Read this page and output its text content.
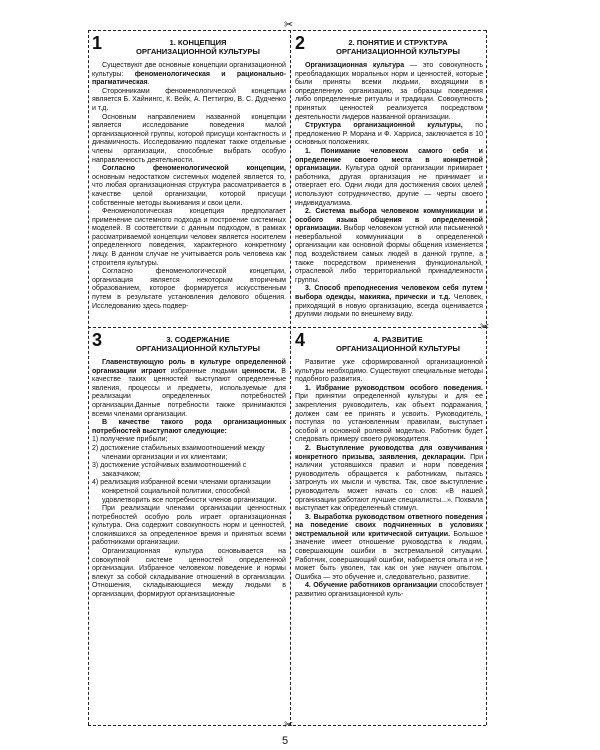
✂
✂
✂
1	1. КОНЦЕПЦИЯ
ОРГАНИЗАЦИОННОЙ КУЛЬТУРЫ

Существуют две основные концепции организационной культуры: феноменологическая и рационально-прагматическая.

Сторонниками феноменологической концепции является Б. Хайнингс, К. Вейк, А. Петтигрю, В. С. Дудченко и т.д.

Основным направлением названной концепции является исследование поведения малой организационной группы, которой присущи контактность и динамичность. Исследованию подлежат также отдельные члены организации, способные выбрать особую направленность деятельности.

Согласно феноменологической концепции, основным недостатком системных моделей является то, что любая организационная структура рассматривается в качестве целой организации, которой присущи собственные методы выживания и свои цели.

Феноменологическая концепция предполагает применение системного подхода и построение системных моделей. В соответствии с данным подходом, в рамках рассматриваемой концепции человек является носителем определенного поведения, характерного конкретному лицу. В данном случае не учитывается роль человека как строителя культуры.

Согласно феноменологической концепции, организация является некоторым вторичным образованием, которое формируется искусственным путем в результате установления делового общения. Исследованию здесь подвер-

2	2. ПОНЯТИЕ И СТРУКТУРА
ОРГАНИЗАЦИОННОЙ КУЛЬТУРЫ

Организационная культура — это совокупность преобладающих моральных норм и ценностей, которые были приняты всеми людьми, входящими в определенную организацию, за образцы поведения либо определенные ритуалы и традиции. Совокупность принятых ценностей реализуется посредством деятельности лидеров названной организации.

Структура организационной культуры, по предложению Р. Морана и Ф. Харриса, заключается в 10 основных положениях.

1. Понимание человеком самого себя и определение своего места в конкретной организации. Культура одной организации примирает работника, другая организация не принимает и отвергает его. Одни люди для достижения своих целей используют сотрудничество, другие — черты своего индивидуализма.

2. Система выбора человеком коммуникации и особого языка общения в определенной организации. Выбор человеком устной или письменной невербальной коммуникации в определенной организации как основной формы общения изменяется под воздействием самых людей в данной группе, а также посредством применения функциональной, отраслевой либо территориальной принадлежности группы.

3. Способ преподнесения человеком себя путем выбора одежды, макияжа, прически и т.д. Человек, приходящий в новую организацию, всегда оценивается другими людьми по внешнему виду.

3	3. СОДЕРЖАНИЕ
ОРГАНИЗАЦИОННОЙ КУЛЬТУРЫ

Главенствующую роль в культуре определенной организации играют избранные людьми ценности. В качестве таких ценностей выступают определенные явления, процессы и предметы, используемые для реализации определенных потребностей организации.Данные потребности также принимаются всеми членами организации.

В качестве такого рода организационных потребностей выступают следующие:

1) получение прибыли;
2) достижение стабильных взаимоотношений между членами организации и их клиентами;
3) достижение устойчивых взаимоотношений с заказчиком;
4) реализация избранной всеми членами организации конкретной социальной политики, способной удовлетворить все потребности членов организации.

При реализации членами организации ценностных потребностей особую роль играет организационная культура. Она содержит совокупность норм и ценностей, сложившихся за определенное время и принятых всеми работниками организации.

Организационная культура основывается на совокупной системе ценностей определенной организации. Избранное человеком поведение и нормы влекут за собой складывание отношений в организации. Отношения, складывающиеся между людьми в организации, формируют организационные

4	4. РАЗВИТИЕ
ОРГАНИЗАЦИОННОЙ КУЛЬТУРЫ

Развитие уже сформированной организационной культуры необходимо. Существуют специальные методы подобного развития.

1. Избрание руководством особого поведения. При принятии определенной культуры и для ее закрепления руководитель, как объект подражания, должен сам ее принять и усвоить. Руководитель, поступая по установленным правилам, выступает особой и основной ролевой моделью. Работник будет следовать примеру своего руководителя.

2. Выступление руководства для озвучивания конкретного призыва, заявления, декларации. При наличии устоявшихся правил и норм поведения руководитель обращается к работникам, пытаясь затронуть их мысли и чувства. Так, свое выступление руководитель может начать со слов: «В нашей организации работают лучшие специалисты...». Похвала выступает как определенный стимул.

3. Выработка руководством ответного поведения на поведение своих подчиненных в условиях экстремальной или критической ситуации. Большое значение имеет отношение руководства к людям, совершающим ошибки в экстремальной ситуации. Работник, совершающий ошибки, набирается опыта и не может быть уволен, так как он уже научен опытом. Ошибка — это обучение и, следовательно, развитие.

4. Обучение работников организации способствует развитию организационной куль-

5
